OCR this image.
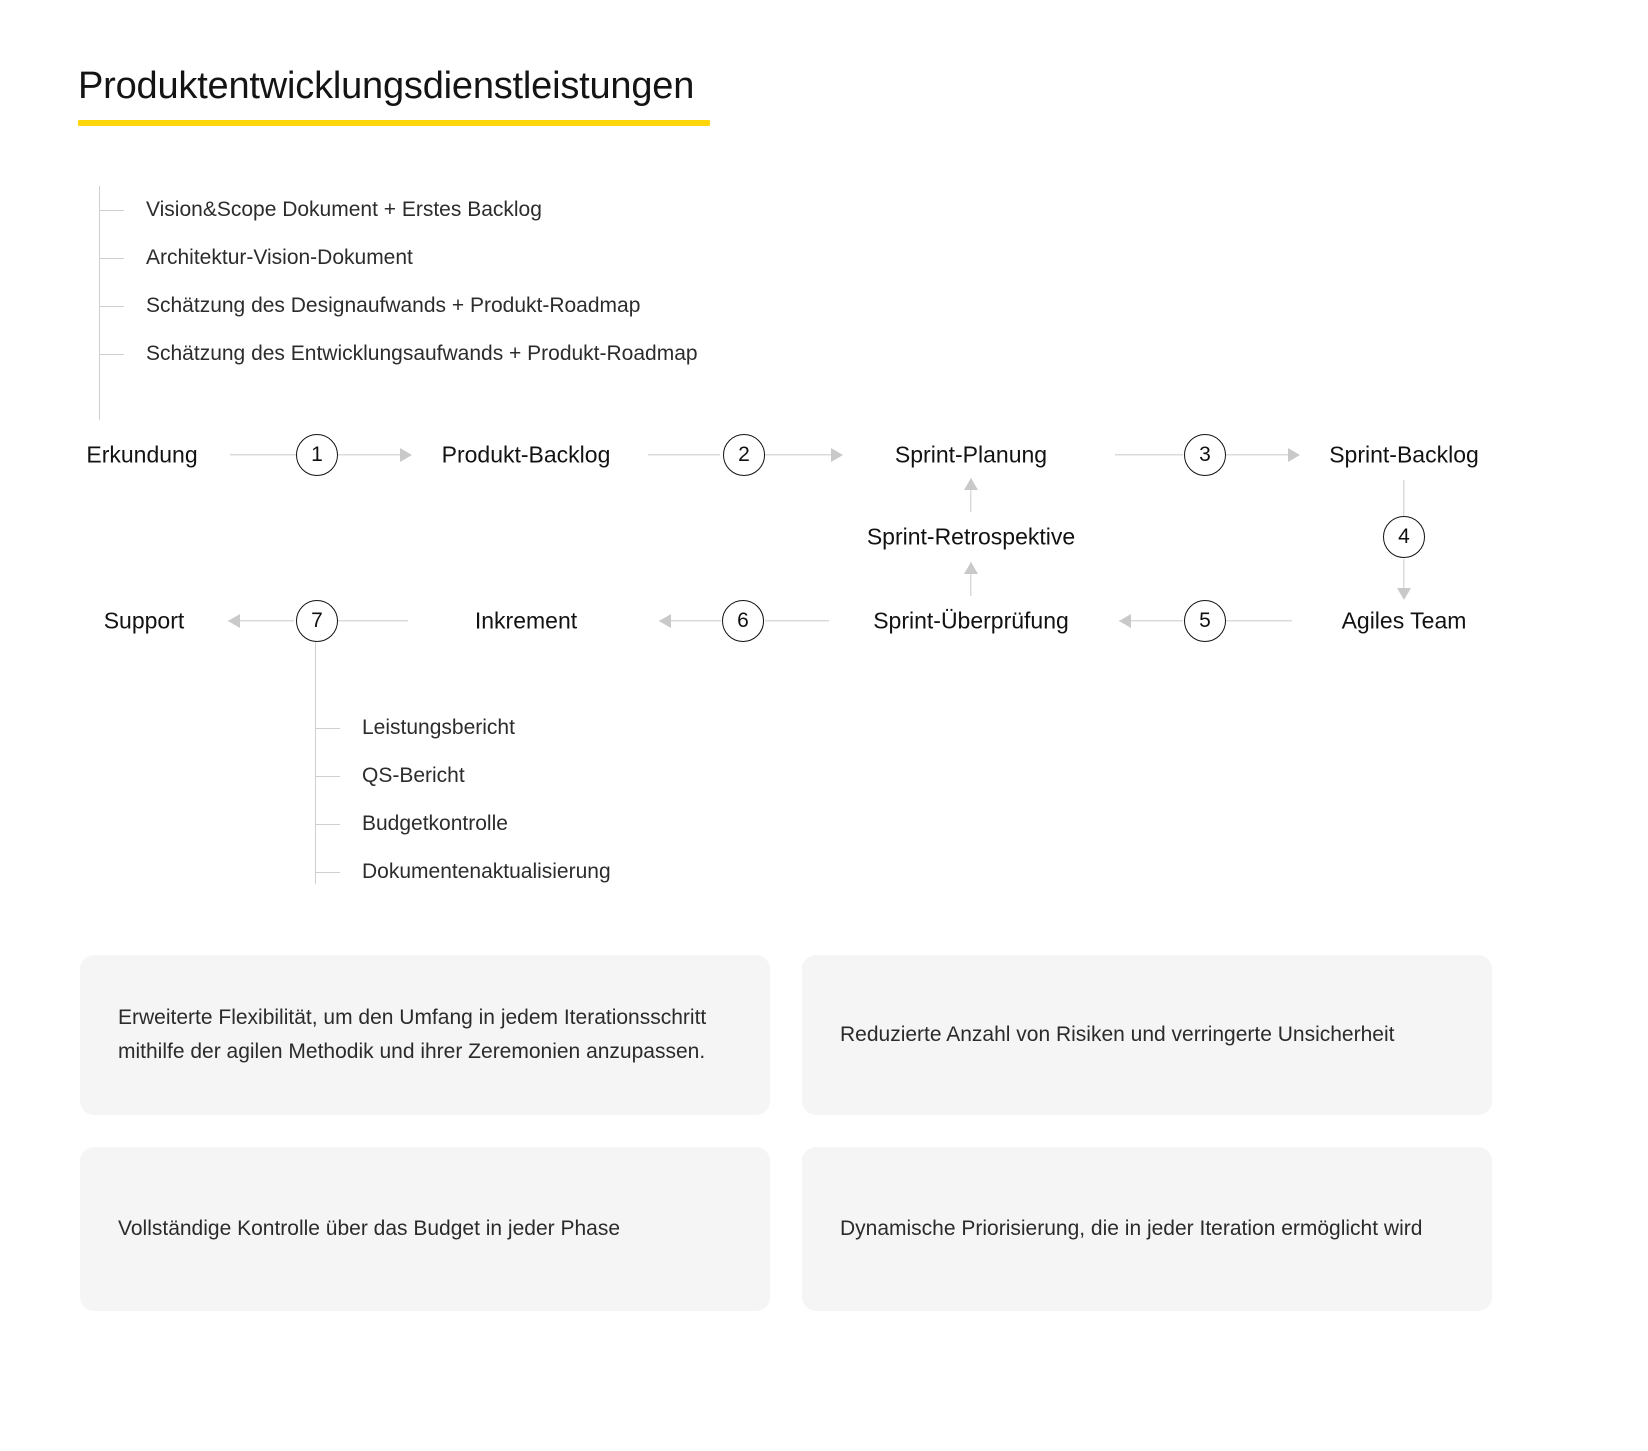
Produktentwicklungsdienstleistungen
Vision&Scope Dokument + Erstes Backlog
Architektur-Vision-Dokument
Schätzung des Designaufwands + Produkt-Roadmap
Schätzung des Entwicklungsaufwands + Produkt-Roadmap
Erkundung	Produkt-Backlog	Sprint-Planung	Sprint-Backlog
1	2	3
4
Sprint-Retrospektive
Agiles Team
Sprint-Überprüfung
Inkrement
Support	5
6
7
Leistungsbericht
QS-Bericht
Budgetkontrolle
Dokumentenaktualisierung
Erweiterte Flexibilität, um den Umfang in jedem Iterationsschritt mithilfe der agilen Methodik und ihrer Zeremonien anzupassen.
Reduzierte Anzahl von Risiken und verringerte Unsicherheit
Vollständige Kontrolle über das Budget in jeder Phase	Dynamische Priorisierung, die in jeder Iteration ermöglicht wird
